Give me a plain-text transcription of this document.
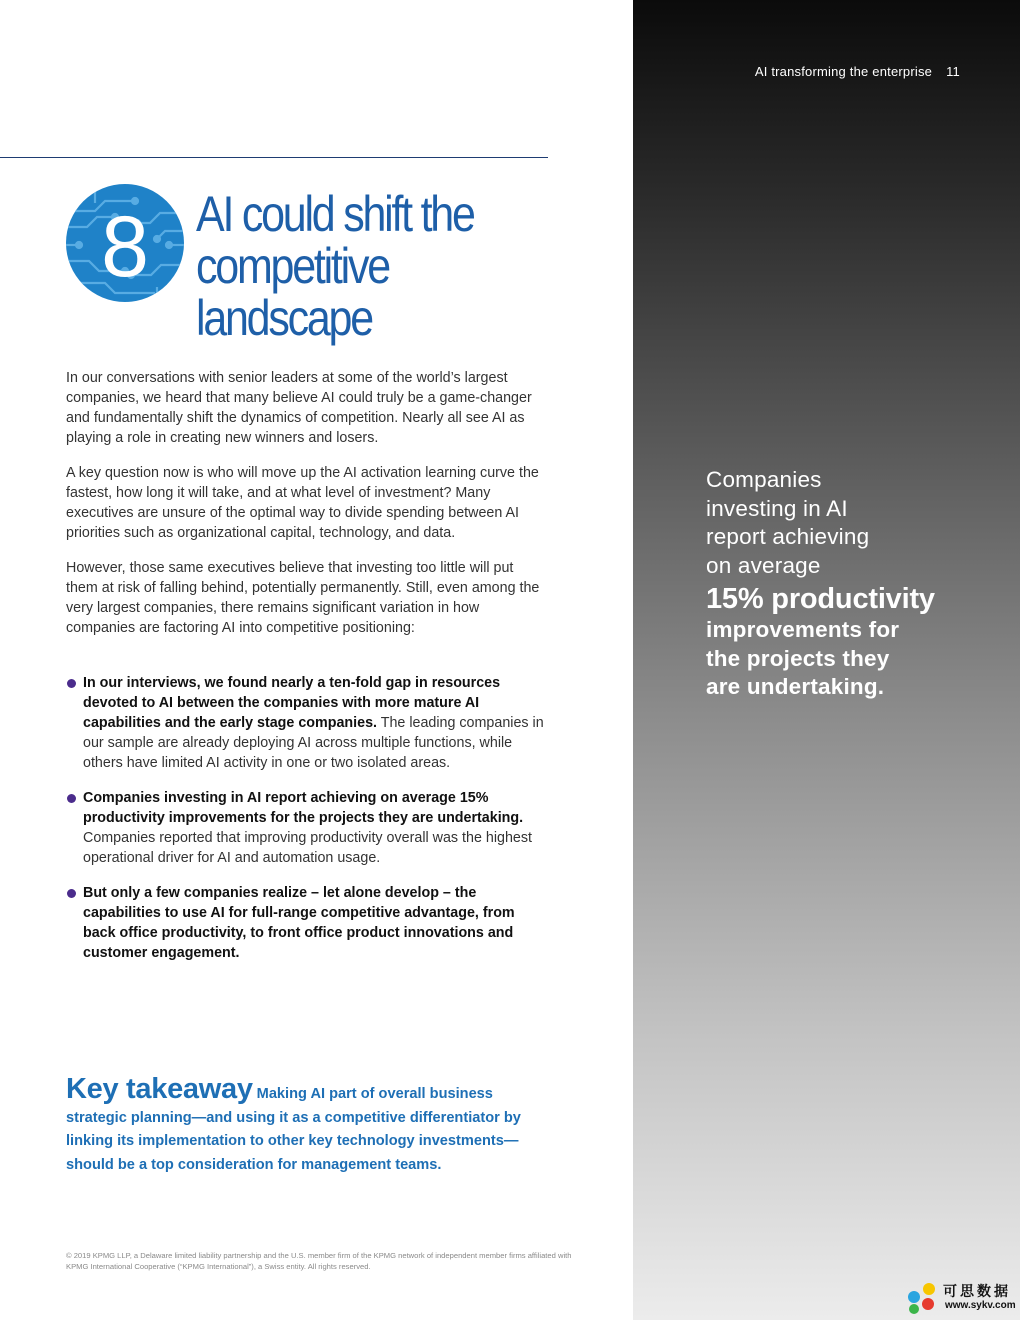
AI transforming the enterprise 11
8 AI could shift the
competitive landscape

In our conversations with senior leaders at some of the world’s largest companies, we heard that many believe AI could truly be a game-changer and fundamentally shift the dynamics of competition. Nearly all see AI as playing a role in creating new winners and losers.

A key question now is who will move up the AI activation learning curve the fastest, how long it will take, and at what level of investment? Many executives are unsure of the optimal way to divide spending between AI priorities such as organizational capital, technology, and data.

However, those same executives believe that investing too little will put them at risk of falling behind, potentially permanently. Still, even among the very largest companies, there remains significant variation in how companies are factoring AI into competitive positioning:

In our interviews, we found nearly a ten-fold gap in resources devoted to AI between the companies with more mature AI capabilities and the early stage companies. The leading companies in our sample are already deploying AI across multiple functions, while others have limited AI activity in one or two isolated areas.
Companies investing in AI report achieving on average 15% productivity improvements for the projects they are undertaking. Companies reported that improving productivity overall was the highest operational driver for AI and automation usage.
But only a few companies realize – let alone develop – the capabilities to use AI for full-range competitive advantage, from back office productivity, to front office product innovations and customer engagement.
Key takeaway Making AI part of overall business strategic planning—and using it as a competitive differentiator by linking its implementation to other key technology investments—should be a top consideration for management teams.
© 2019 KPMG LLP, a Delaware limited liability partnership and the U.S. member firm of the KPMG network of independent member firms affiliated with
KPMG International Cooperative (“KPMG International”), a Swiss entity. All rights reserved.
Companies
investing in AI
report achieving
on average
15% productivity
improvements for
the projects they
are undertaking.
可思数据
www.sykv.com
